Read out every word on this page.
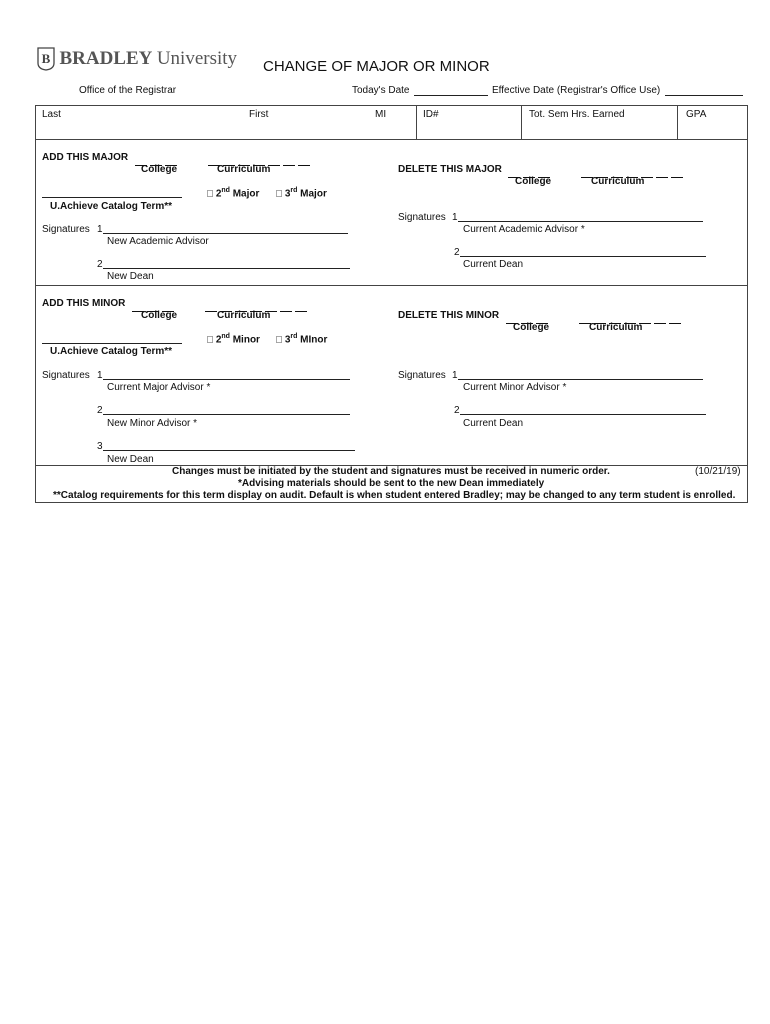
B BRADLEY University CHANGE OF MAJOR OR MINOR
Office of the Registrar	Today's Date	Effective Date (Registrar's Office Use)
Last	First	MI	ID#	Tot. Sem Hrs. Earned	GPA
ADD THIS MAJOR
College	Curriculum
□ 2nd Major □ 3rd Major
U.Achieve Catalog Term**
Signatures 1
New Academic Advisor
2
New Dean
DELETE THIS MAJOR
College	Curriculum
Signatures 1
Current Academic Advisor *
2
Current Dean
ADD THIS MINOR
College	Curriculum
□ 2nd Minor □ 3rd MInor
U.Achieve Catalog Term**
Signatures 1
Current Major Advisor *
2
New Minor Advisor *
3
New Dean
DELETE THIS MINOR
College	Curriculum
Signatures 1
Current Minor Advisor *
2
Current Dean
Changes must be initiated by the student and signatures must be received in numeric order.	(10/21/19)
*Advising materials should be sent to the new Dean immediately
**Catalog requirements for this term display on audit. Default is when student entered Bradley; may be changed to any term student is enrolled.
